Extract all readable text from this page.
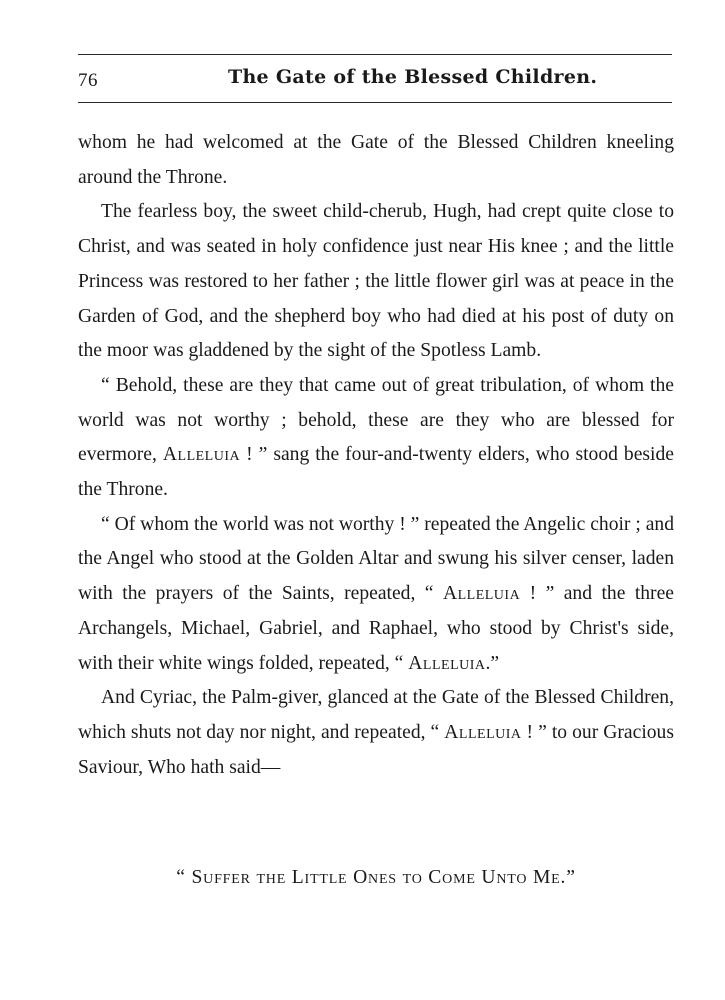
76	The Gate of the Blessed Children.

whom he had welcomed at the Gate of the Blessed Children kneeling around the Throne.

The fearless boy, the sweet child-cherub, Hugh, had crept quite close to Christ, and was seated in holy confidence just near His knee ; and the little Princess was restored to her father ; the little flower girl was at peace in the Garden of God, and the shepherd boy who had died at his post of duty on the moor was gladdened by the sight of the Spotless Lamb.

“ Behold, these are they that came out of great tribulation, of whom the world was not worthy ; behold, these are they who are blessed for evermore, Alleluia ! ” sang the four-and-twenty elders, who stood beside the Throne.

“ Of whom the world was not worthy ! ” repeated the Angelic choir ; and the Angel who stood at the Golden Altar and swung his silver censer, laden with the prayers of the Saints, repeated, “ Alleluia ! ” and the three Archangels, Michael, Gabriel, and Raphael, who stood by Christ's side, with their white wings folded, repeated, “ Alleluia.”

And Cyriac, the Palm-giver, glanced at the Gate of the Blessed Children, which shuts not day nor night, and repeated, “ Alleluia ! ” to our Gracious Saviour, Who hath said—

“ Suffer the Little Ones to Come Unto Me.”
